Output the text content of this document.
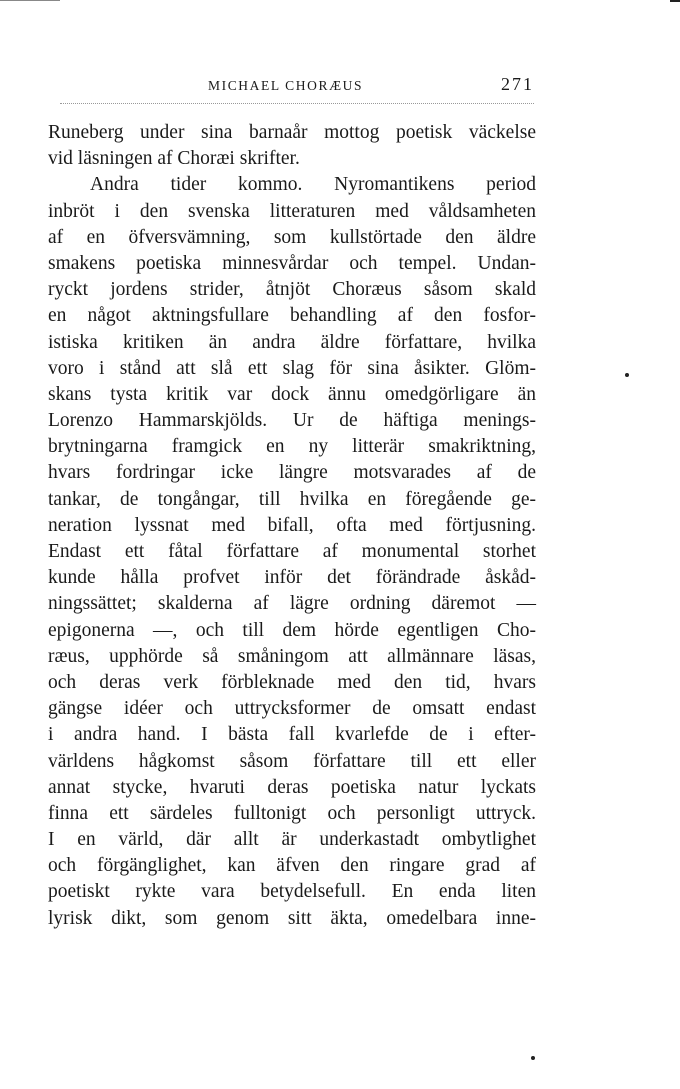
MICHAEL CHORÆUS	271
Runeberg under sina barnaår mottog poetisk väckelse
vid läsningen af Choræi skrifter.
Andra tider kommo. Nyromantikens period
inbröt i den svenska litteraturen med våldsamheten
af en öfversvämning, som kullstörtade den äldre
smakens poetiska minnesvårdar och tempel. Undan-
ryckt jordens strider, åtnjöt Choræus såsom skald
en något aktningsfullare behandling af den fosfor-
istiska kritiken än andra äldre författare, hvilka
voro i stånd att slå ett slag för sina åsikter. Glöm-
skans tysta kritik var dock ännu omedgörligare än
Lorenzo Hammarskjölds. Ur de häftiga menings-
brytningarna framgick en ny litterär smakriktning,
hvars fordringar icke längre motsvarades af de
tankar, de tongångar, till hvilka en föregående ge-
neration lyssnat med bifall, ofta med förtjusning.
Endast ett fåtal författare af monumental storhet
kunde hålla profvet inför det förändrade åskåd-
ningssättet; skalderna af lägre ordning däremot —
epigonerna —, och till dem hörde egentligen Cho-
ræus, upphörde så småningom att allmännare läsas,
och deras verk förbleknade med den tid, hvars
gängse idéer och uttrycksformer de omsatt endast
i andra hand. I bästa fall kvarlefde de i efter-
världens hågkomst såsom författare till ett eller
annat stycke, hvaruti deras poetiska natur lyckats
finna ett särdeles fulltonigt och personligt uttryck.
I en värld, där allt är underkastadt ombytlighet
och förgänglighet, kan äfven den ringare grad af
poetiskt rykte vara betydelsefull. En enda liten
lyrisk dikt, som genom sitt äkta, omedelbara inne-
